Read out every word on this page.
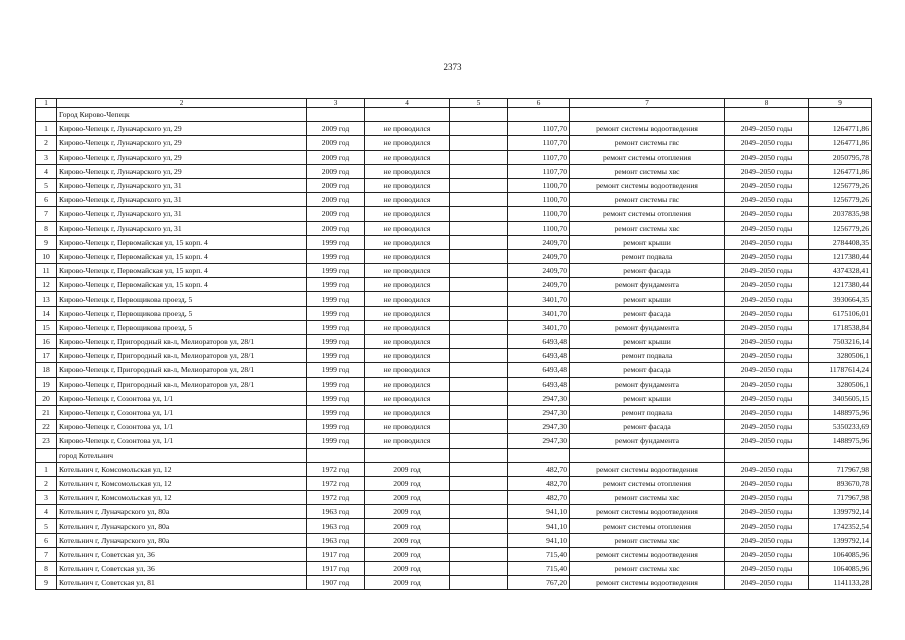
2373
1	2	3	4	5	6	7	8	9
	Город Кирово-Чепецк							
1	Кирово-Чепецк г, Луначарского ул, 29	2009 год	не проводился		1107,70	ремонт системы водоотведения	2049–2050 годы	1264771,86
2	Кирово-Чепецк г, Луначарского ул, 29	2009 год	не проводился		1107,70	ремонт системы гвс	2049–2050 годы	1264771,86
3	Кирово-Чепецк г, Луначарского ул, 29	2009 год	не проводился		1107,70	ремонт системы отопления	2049–2050 годы	2050795,78
4	Кирово-Чепецк г, Луначарского ул, 29	2009 год	не проводился		1107,70	ремонт системы хвс	2049–2050 годы	1264771,86
5	Кирово-Чепецк г, Луначарского ул, 31	2009 год	не проводился		1100,70	ремонт системы водоотведения	2049–2050 годы	1256779,26
6	Кирово-Чепецк г, Луначарского ул, 31	2009 год	не проводился		1100,70	ремонт системы гвс	2049–2050 годы	1256779,26
7	Кирово-Чепецк г, Луначарского ул, 31	2009 год	не проводился		1100,70	ремонт системы отопления	2049–2050 годы	2037835,98
8	Кирово-Чепецк г, Луначарского ул, 31	2009 год	не проводился		1100,70	ремонт системы хвс	2049–2050 годы	1256779,26
9	Кирово-Чепецк г, Первомайская ул, 15 корп. 4	1999 год	не проводился		2409,70	ремонт крыши	2049–2050 годы	2784408,35
10	Кирово-Чепецк г, Первомайская ул, 15 корп. 4	1999 год	не проводился		2409,70	ремонт подвала	2049–2050 годы	1217380,44
11	Кирово-Чепецк г, Первомайская ул, 15 корп. 4	1999 год	не проводился		2409,70	ремонт фасада	2049–2050 годы	4374328,41
12	Кирово-Чепецк г, Первомайская ул, 15 корп. 4	1999 год	не проводился		2409,70	ремонт фундамента	2049–2050 годы	1217380,44
13	Кирово-Чепецк г, Первощикова проезд, 5	1999 год	не проводился		3401,70	ремонт крыши	2049–2050 годы	3930664,35
14	Кирово-Чепецк г, Первощикова проезд, 5	1999 год	не проводился		3401,70	ремонт фасада	2049–2050 годы	6175106,01
15	Кирово-Чепецк г, Первощикова проезд, 5	1999 год	не проводился		3401,70	ремонт фундамента	2049–2050 годы	1718538,84
16	Кирово-Чепецк г, Пригородный кв-л, Мелиораторов ул, 28/1	1999 год	не проводился		6493,48	ремонт крыши	2049–2050 годы	7503216,14
17	Кирово-Чепецк г, Пригородный кв-л, Мелиораторов ул, 28/1	1999 год	не проводился		6493,48	ремонт подвала	2049–2050 годы	3280506,1
18	Кирово-Чепецк г, Пригородный кв-л, Мелиораторов ул, 28/1	1999 год	не проводился		6493,48	ремонт фасада	2049–2050 годы	11787614,24
19	Кирово-Чепецк г, Пригородный кв-л, Мелиораторов ул, 28/1	1999 год	не проводился		6493,48	ремонт фундамента	2049–2050 годы	3280506,1
20	Кирово-Чепецк г, Созонтова ул, 1/1	1999 год	не проводился		2947,30	ремонт крыши	2049–2050 годы	3405605,15
21	Кирово-Чепецк г, Созонтова ул, 1/1	1999 год	не проводился		2947,30	ремонт подвала	2049–2050 годы	1488975,96
22	Кирово-Чепецк г, Созонтова ул, 1/1	1999 год	не проводился		2947,30	ремонт фасада	2049–2050 годы	5350233,69
23	Кирово-Чепецк г, Созонтова ул, 1/1	1999 год	не проводился		2947,30	ремонт фундамента	2049–2050 годы	1488975,96
	город Котельнич							
1	Котельнич г, Комсомольская ул, 12	1972 год	2009 год		482,70	ремонт системы водоотведения	2049–2050 годы	717967,98
2	Котельнич г, Комсомольская ул, 12	1972 год	2009 год		482,70	ремонт системы отопления	2049–2050 годы	893670,78
3	Котельнич г, Комсомольская ул, 12	1972 год	2009 год		482,70	ремонт системы хвс	2049–2050 годы	717967,98
4	Котельнич г, Луначарского ул, 80а	1963 год	2009 год		941,10	ремонт системы водоотведения	2049–2050 годы	1399792,14
5	Котельнич г, Луначарского ул, 80а	1963 год	2009 год		941,10	ремонт системы отопления	2049–2050 годы	1742352,54
6	Котельнич г, Луначарского ул, 80а	1963 год	2009 год		941,10	ремонт системы хвс	2049–2050 годы	1399792,14
7	Котельнич г, Советская ул, 36	1917 год	2009 год		715,40	ремонт системы водоотведения	2049–2050 годы	1064085,96
8	Котельнич г, Советская ул, 36	1917 год	2009 год		715,40	ремонт системы хвс	2049–2050 годы	1064085,96
9	Котельнич г, Советская ул, 81	1907 год	2009 год		767,20	ремонт системы водоотведения	2049–2050 годы	1141133,28
